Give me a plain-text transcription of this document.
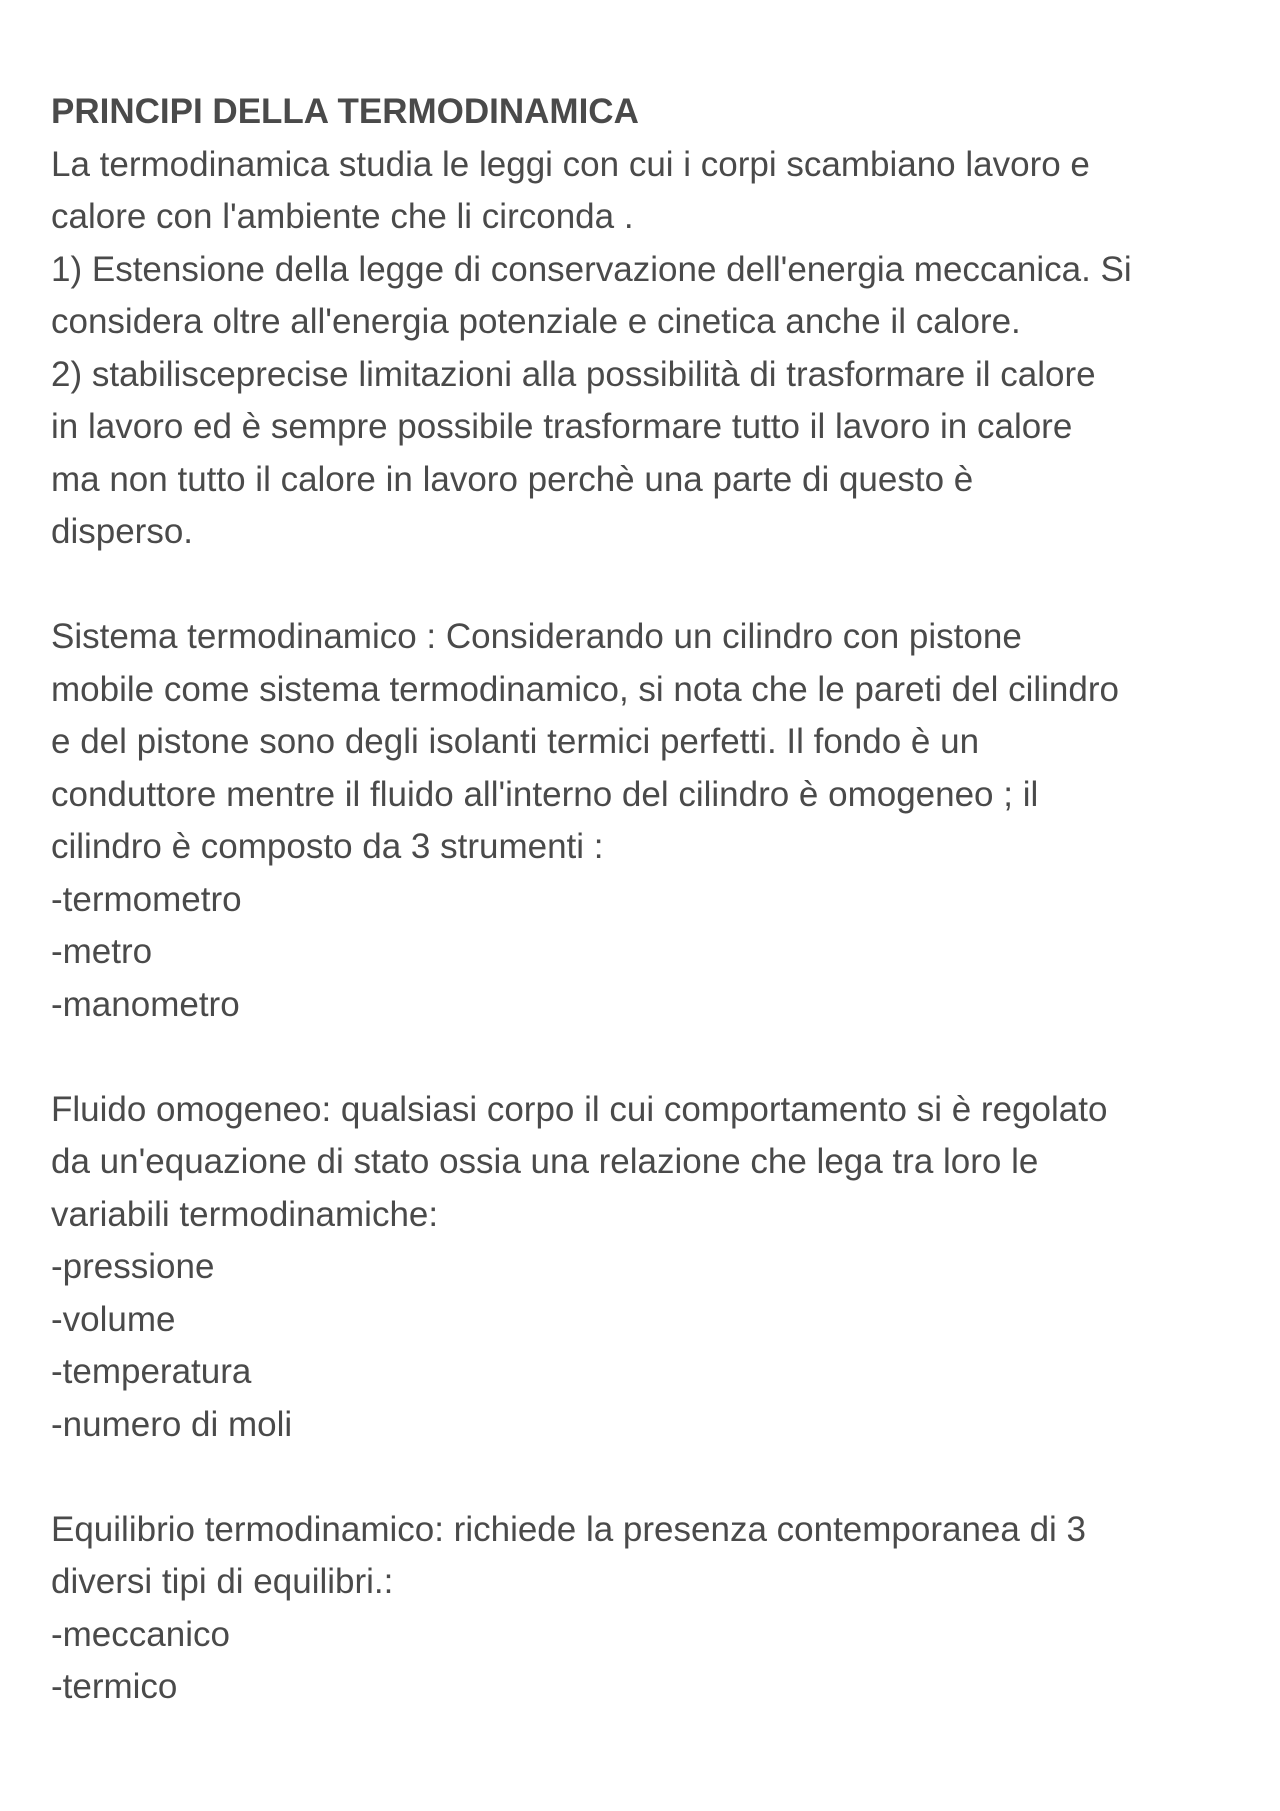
PRINCIPI DELLA TERMODINAMICA
La termodinamica studia le leggi con cui i corpi scambiano lavoro e
calore con l'ambiente che li circonda .
1) Estensione della legge di conservazione dell'energia meccanica. Si
considera oltre all'energia potenziale e cinetica anche il calore.
2) stabilisceprecise limitazioni alla possibilità di trasformare il calore
in lavoro ed è sempre possibile trasformare tutto il lavoro in calore
ma non tutto il calore in lavoro perchè una parte di questo è
disperso.
Sistema termodinamico : Considerando un cilindro con pistone
mobile come sistema termodinamico, si nota che le pareti del cilindro
e del pistone sono degli isolanti termici perfetti. Il fondo è un
conduttore mentre il fluido all'interno del cilindro è omogeneo ; il
cilindro è composto da 3 strumenti :
-termometro
-metro
-manometro
Fluido omogeneo: qualsiasi corpo il cui comportamento si è regolato
da un'equazione di stato ossia una relazione che lega tra loro le
variabili termodinamiche:
-pressione
-volume
-temperatura
-numero di moli
Equilibrio termodinamico: richiede la presenza contemporanea di 3
diversi tipi di equilibri.:
-meccanico
-termico
